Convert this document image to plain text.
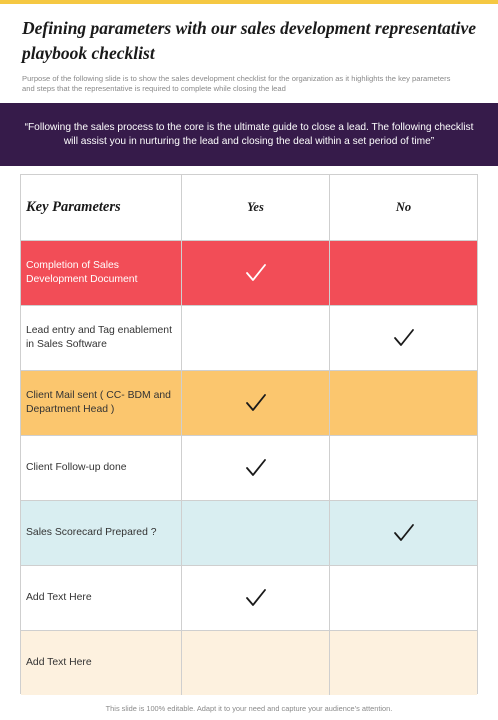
Defining parameters with our sales development representative playbook checklist

Purpose of the following slide is to show the sales development checklist for the organization as it highlights the key parameters and steps that the representative is required to complete while closing the lead

“Following the sales process to the core is the ultimate guide to close a lead. The following checklist will assist you in nurturing the lead and closing the deal within a set period of time”

Key Parameters	Yes	No
Completion of Sales Development Document
Lead entry and Tag enablement in Sales Software
Client Mail sent ( CC- BDM and Department Head )
Client Follow-up done
Sales Scorecard Prepared ?
Add Text Here
Add Text Here

This slide is 100% editable. Adapt it to your need and capture your audience’s attention.
